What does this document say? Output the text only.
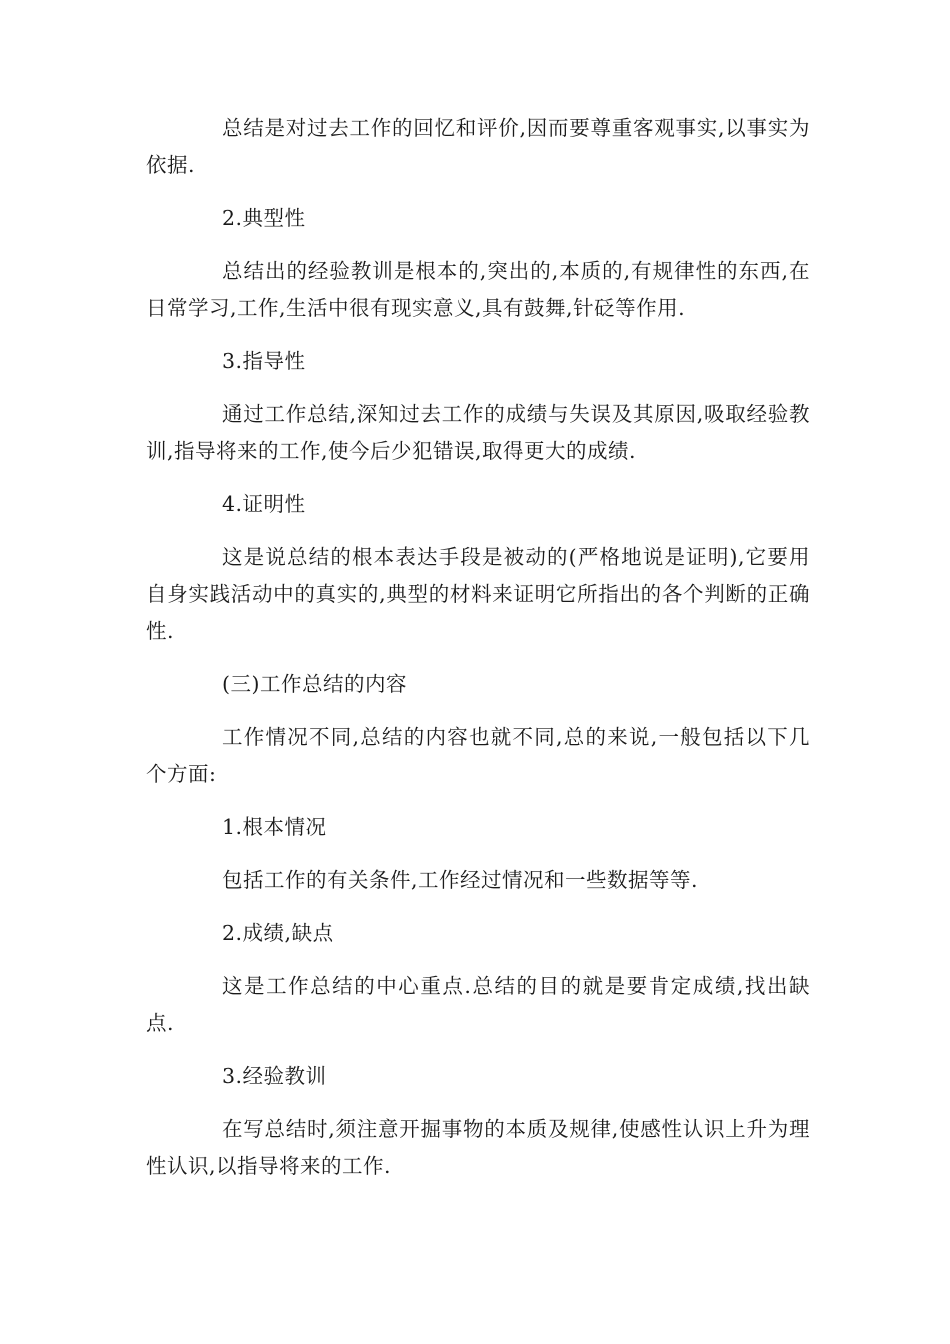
总结是对过去工作的回忆和评价,因而要尊重客观事实,以事实为依据.

2.典型性

总结出的经验教训是根本的,突出的,本质的,有规律性的东西,在日常学习,工作,生活中很有现实意义,具有鼓舞,针砭等作用.

3.指导性

通过工作总结,深知过去工作的成绩与失误及其原因,吸取经验教训,指导将来的工作,使今后少犯错误,取得更大的成绩.

4.证明性

这是说总结的根本表达手段是被动的(严格地说是证明),它要用自身实践活动中的真实的,典型的材料来证明它所指出的各个判断的正确性.

(三)工作总结的内容

工作情况不同,总结的内容也就不同,总的来说,一般包括以下几个方面:

1.根本情况

包括工作的有关条件,工作经过情况和一些数据等等.

2.成绩,缺点

这是工作总结的中心重点.总结的目的就是要肯定成绩,找出缺点.

3.经验教训

在写总结时,须注意开掘事物的本质及规律,使感性认识上升为理性认识,以指导将来的工作.
